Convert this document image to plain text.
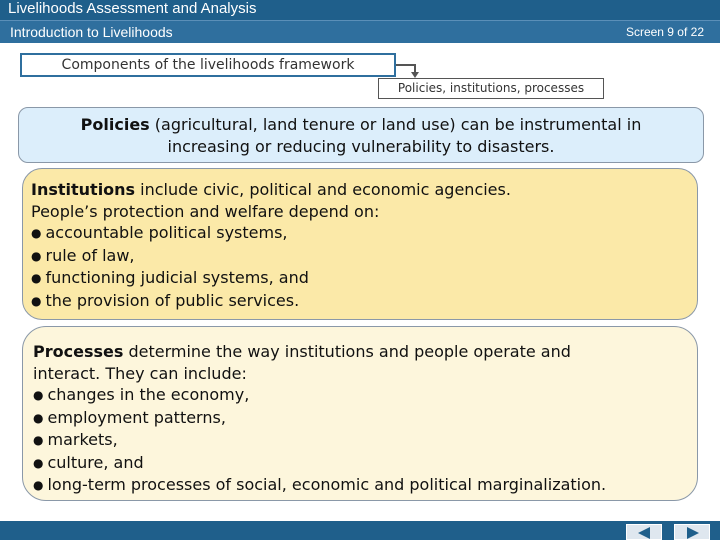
Livelihoods Assessment and Analysis
Introduction to Livelihoods	Screen 9 of 22
Components of the livelihoods framework
Policies, institutions, processes
Policies (agricultural, land tenure or land use) can be instrumental in
increasing or reducing vulnerability to disasters.
Institutions include civic, political and economic agencies.
People’s protection and welfare depend on:
● accountable political systems,
● rule of law,
● functioning judicial systems, and
● the provision of public services.
Processes determine the way institutions and people operate and
interact. They can include:
● changes in the economy,
● employment patterns,
● markets,
● culture, and
● long-term processes of social, economic and political marginalization.
